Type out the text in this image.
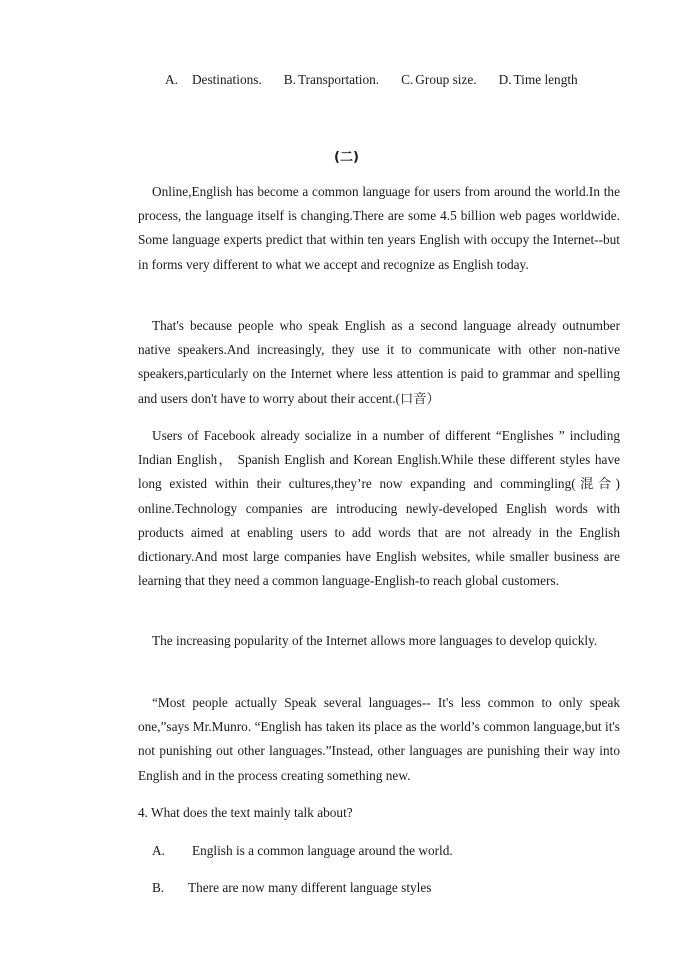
A. Destinations. B. Transportation. C. Group size. D. Time length
(二)

Online,English has become a common language for users from around the world.In the process, the language itself is changing.There are some 4.5 billion web pages worldwide. Some language experts predict that within ten years English with occupy the Internet--but in forms very different to what we accept and recognize as English today.

That's because people who speak English as a second language already outnumber native speakers.And increasingly, they use it to communicate with other non-native speakers,particularly on the Internet where less attention is paid to grammar and spelling and users don't have to worry about their accent.(口音）

Users of Facebook already socialize in a number of different “Englishes ” including Indian English， Spanish English and Korean English.While these different styles have long existed within their cultures,they’re now expanding and commingling(混合) online.Technology companies are introducing newly-developed English words with products aimed at enabling users to add words that are not already in the English dictionary.And most large companies have English websites, while smaller business are learning that they need a common language-English-to reach global customers.

The increasing popularity of the Internet allows more languages to develop quickly.

“Most people actually Speak several languages-- It's less common to only speak one,”says Mr.Munro. “English has taken its place as the world’s common language,but it's not punishing out other languages.”Instead, other languages are punishing their way into English and in the process creating something new.

4. What does the text mainly talk about?
A. English is a common language around the world.
B. There are now many different language styles
